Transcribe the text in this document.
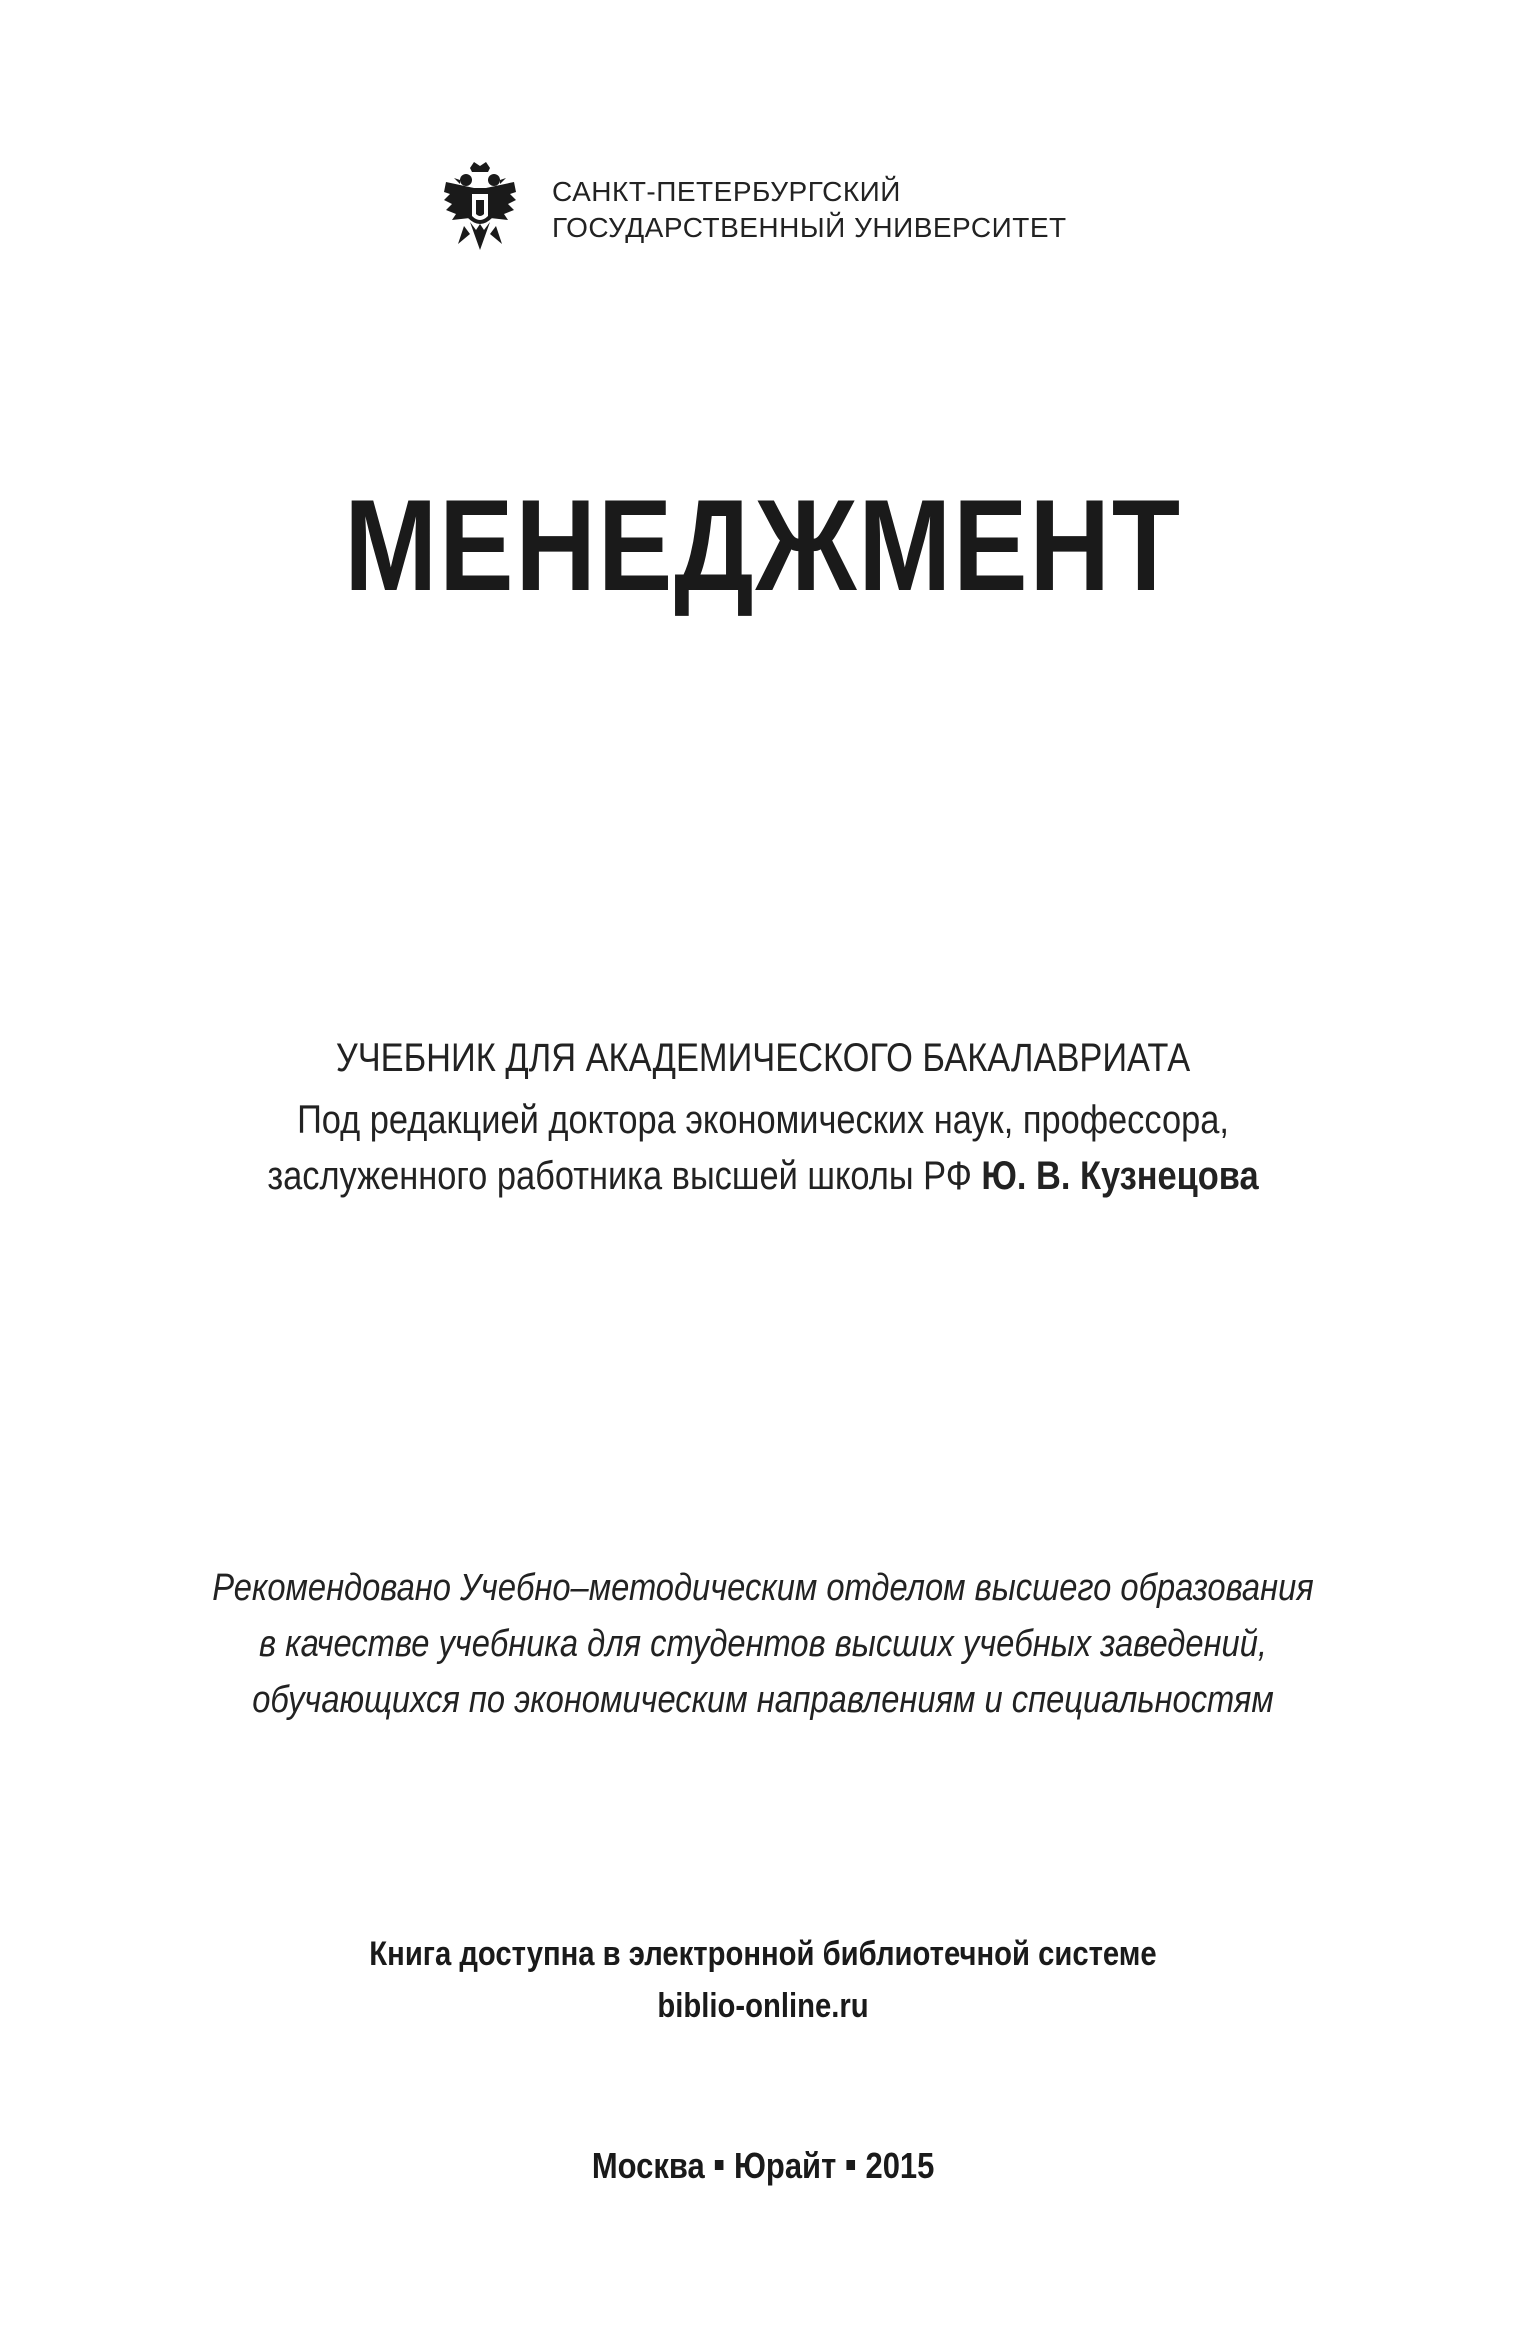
САНКТ-ПЕТЕРБУРГСКИЙ
ГОСУДАРСТВЕННЫЙ УНИВЕРСИТЕТ
МЕНЕДЖМЕНТ
УЧЕБНИК ДЛЯ АКАДЕМИЧЕСКОГО БАКАЛАВРИАТА
Под редакцией доктора экономических наук, профессора,
заслуженного работника высшей школы РФ Ю. В. Кузнецова
Рекомендовано Учебно–методическим отделом высшего образования
в качестве учебника для студентов высших учебных заведений,
обучающихся по экономическим направлениям и специальностям
Книга доступна в электронной библиотечной системе
biblio-online.ru
Москва Юрайт 2015
